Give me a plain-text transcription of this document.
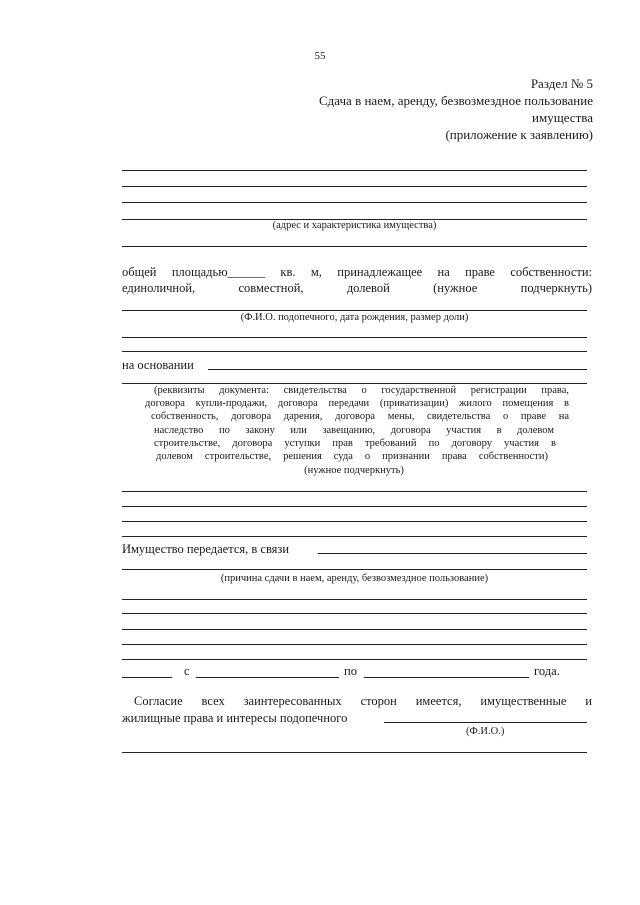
55
Раздел № 5
Сдача в наем, аренду, безвозмездное пользование
имущества
(приложение к заявлению)
(адрес и характеристика имущества)
общей площадью______ кв. м, принадлежащее на праве собственности:
единоличной,	совместной,	долевой	(нужное	подчеркнуть)
(Ф.И.О. подопечного, дата рождения, размер доли)
на основании
(реквизиты документа: свидетельства о государственной регистрации права,
договора купли-продажи, договора передачи (приватизации) жилого помещения в
собственность, договора дарения, договора мены, свидетельства о праве на
наследство по закону или завещанию, договора участия в долевом
строительстве, договора уступки прав требований по договору участия в
долевом строительстве, решения суда о признании права собственности)
(нужное подчеркнуть)
Имущество передается, в связи
(причина сдачи в наем, аренду, безвозмездное пользование)
с	по	года.
Согласие всех заинтересованных сторон имеется, имущественные и
жилищные права и интересы подопечного
(Ф.И.О.)
